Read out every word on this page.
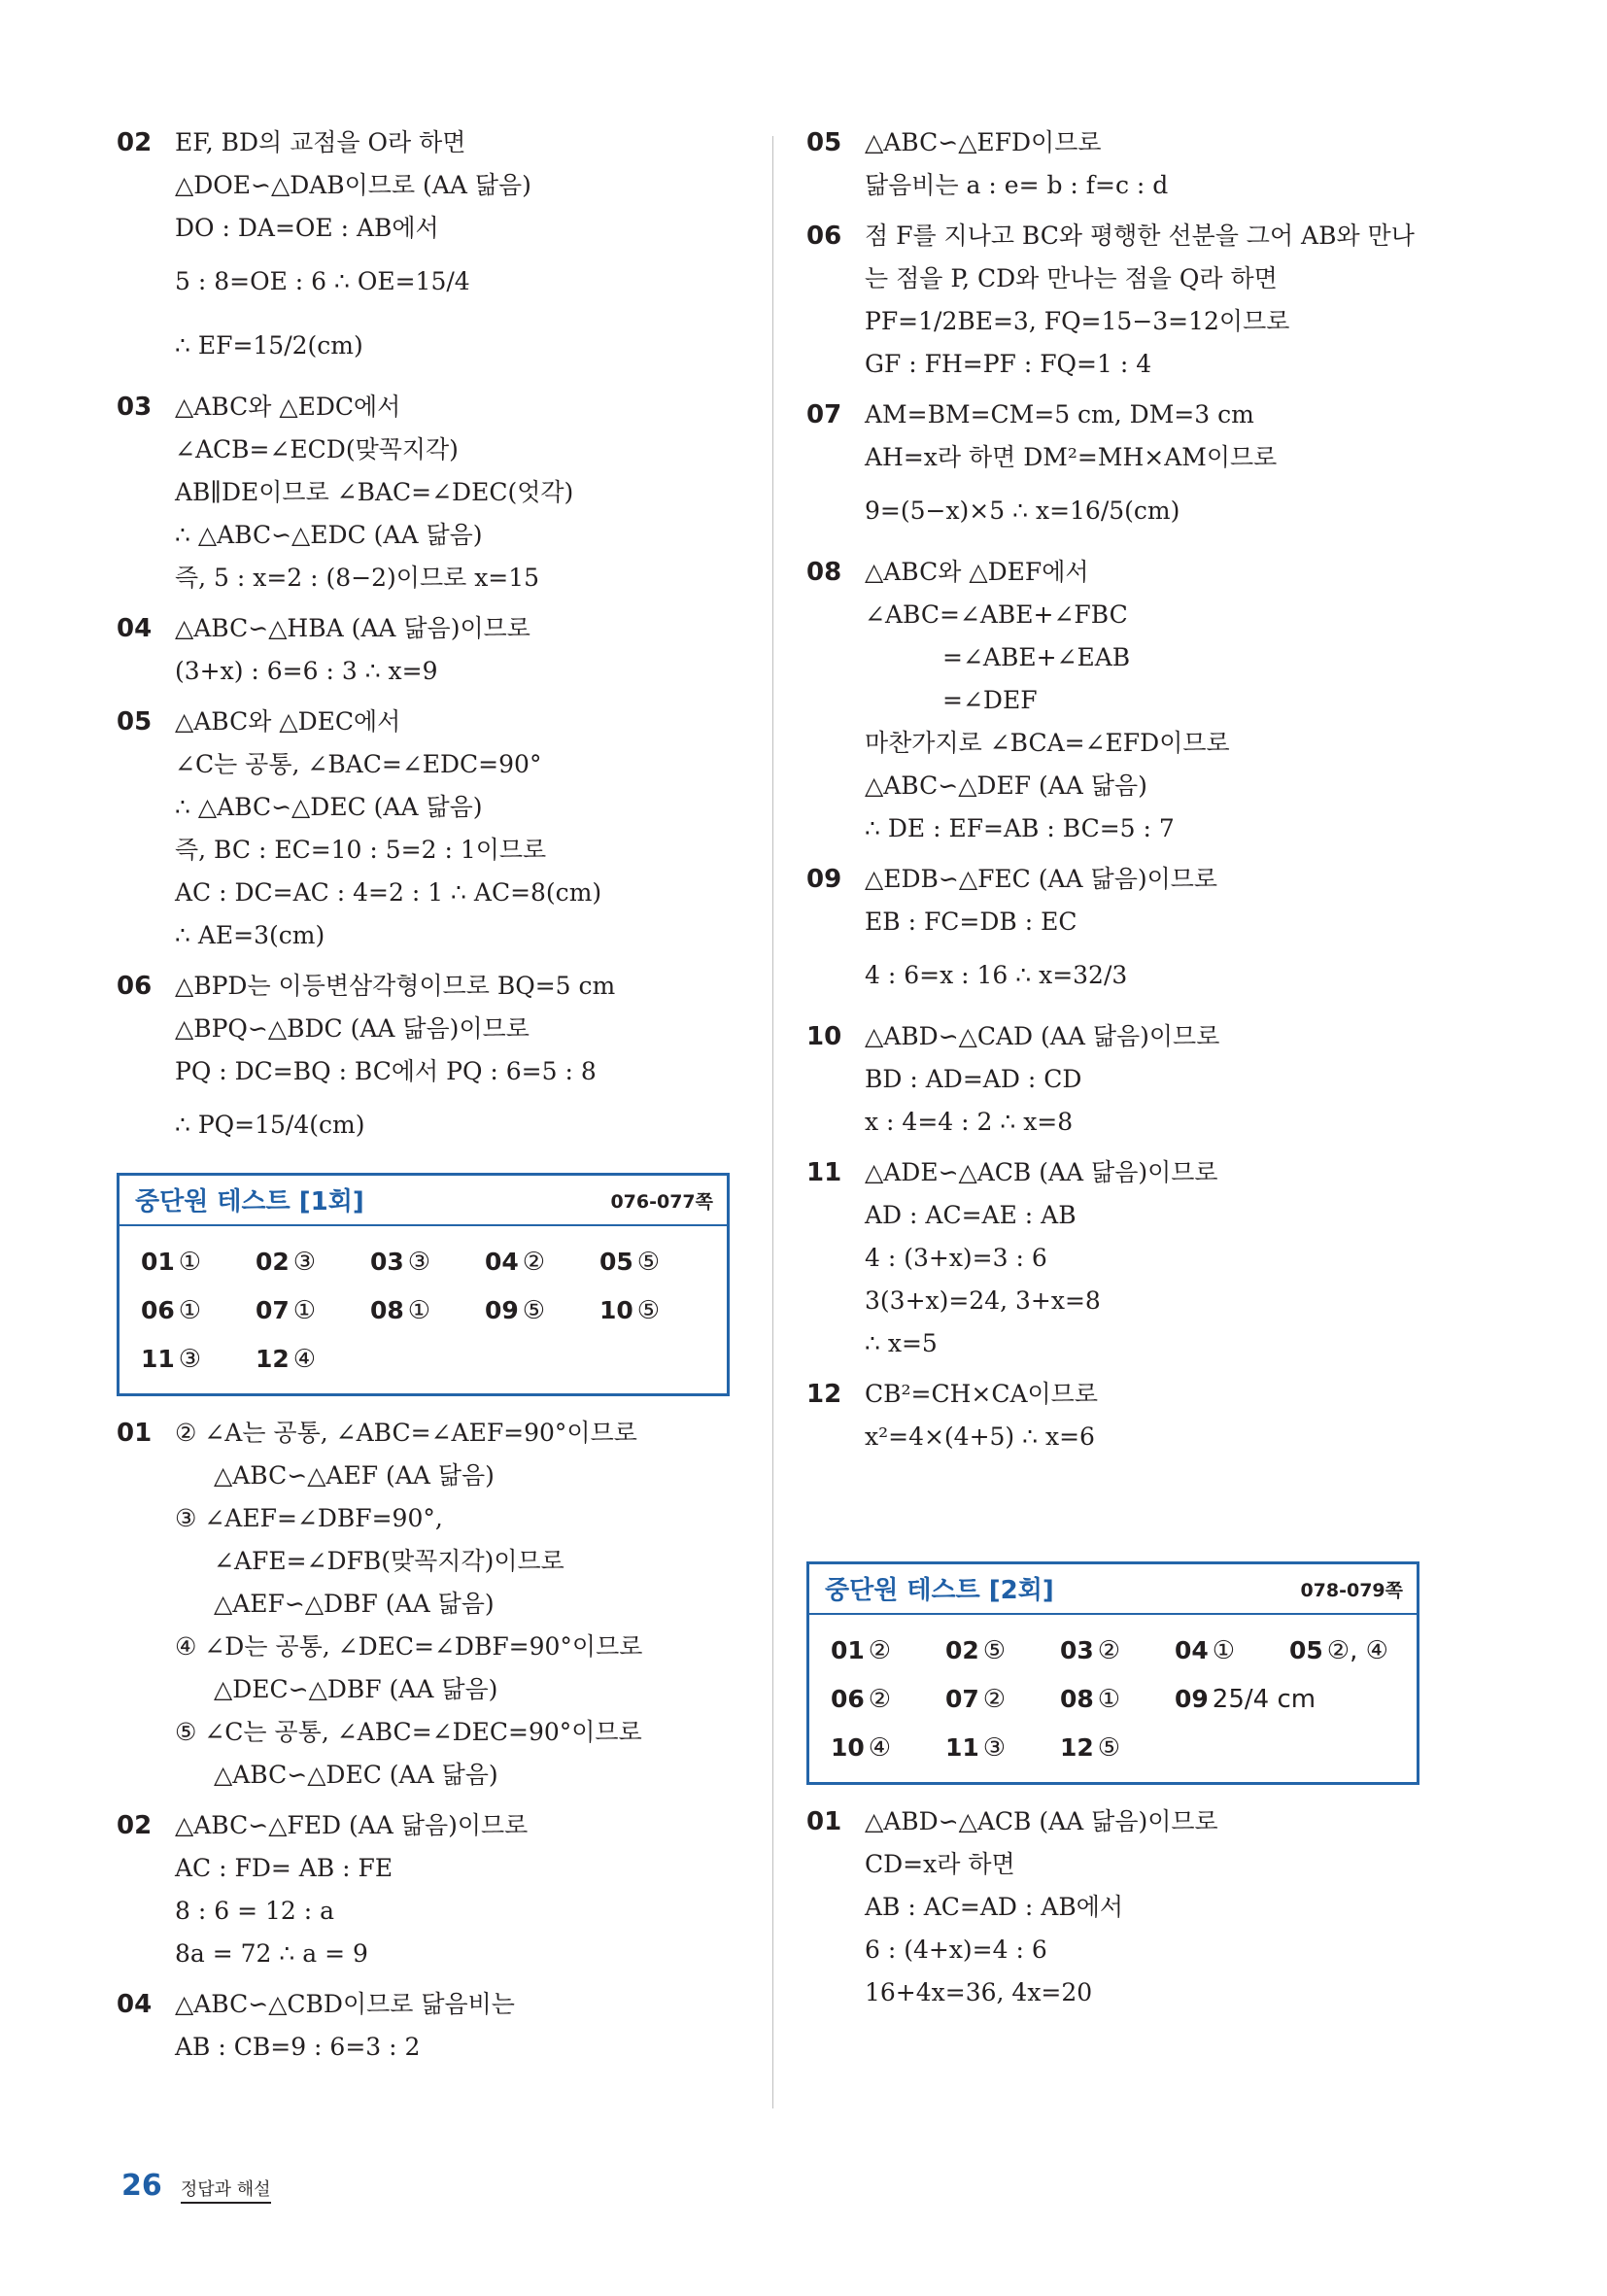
02 EF, BD의 교점을 O라 하면
△DOE∽△DAB이므로 (AA 닮음)
DO : DA=OE : AB에서
5 : 8=OE : 6 ∴ OE=15/4
∴ EF=15/2(cm)
03 △ABC와 △EDC에서
∠ACB=∠ECD(맞꼭지각)
AB∥DE이므로 ∠BAC=∠DEC(엇각)
∴ △ABC∽△EDC (AA 닮음)
즉, 5 : x=2 : (8−2)이므로 x=15
04 △ABC∽△HBA (AA 닮음)이므로
(3+x) : 6=6 : 3 ∴ x=9
05 △ABC와 △DEC에서
∠C는 공통, ∠BAC=∠EDC=90°
∴ △ABC∽△DEC (AA 닮음)
즉, BC : EC=10 : 5=2 : 1이므로
AC : DC=AC : 4=2 : 1 ∴ AC=8(cm)
∴ AE=3(cm)
06 △BPD는 이등변삼각형이므로 BQ=5 cm
△BPQ∽△BDC (AA 닮음)이므로
PQ : DC=BQ : BC에서 PQ : 6=5 : 8
∴ PQ=15/4(cm)
중단원 테스트 [1회]	076-077쪽
01 ①	02 ③	03 ③	04 ②	05 ⑤
06 ①	07 ①	08 ①	09 ⑤	10 ⑤
11 ③	12 ④
01 ② ∠A는 공통, ∠ABC=∠AEF=90°이므로
△ABC∽△AEF (AA 닮음)
③ ∠AEF=∠DBF=90°,
∠AFE=∠DFB(맞꼭지각)이므로
△AEF∽△DBF (AA 닮음)
④ ∠D는 공통, ∠DEC=∠DBF=90°이므로
△DEC∽△DBF (AA 닮음)
⑤ ∠C는 공통, ∠ABC=∠DEC=90°이므로
△ABC∽△DEC (AA 닮음)
02 △ABC∽△FED (AA 닮음)이므로
AC : FD= AB : FE
8 : 6 = 12 : a
8a = 72 ∴ a = 9
04 △ABC∽△CBD이므로 닮음비는
AB : CB=9 : 6=3 : 2
05 △ABC∽△EFD이므로
닮음비는 a : e= b : f=c : d
06 점 F를 지나고 BC와 평행한 선분을 그어 AB와 만나
는 점을 P, CD와 만나는 점을 Q라 하면
PF=1/2BE=3, FQ=15−3=12이므로
GF : FH=PF : FQ=1 : 4
07 AM=BM=CM=5 cm, DM=3 cm
AH=x라 하면 DM²=MH×AM이므로
9=(5−x)×5 ∴ x=16/5(cm)
08 △ABC와 △DEF에서
∠ABC=∠ABE+∠FBC
=∠ABE+∠EAB
=∠DEF
마찬가지로 ∠BCA=∠EFD이므로
△ABC∽△DEF (AA 닮음)
∴ DE : EF=AB : BC=5 : 7
09 △EDB∽△FEC (AA 닮음)이므로
EB : FC=DB : EC
4 : 6=x : 16 ∴ x=32/3
10 △ABD∽△CAD (AA 닮음)이므로
BD : AD=AD : CD
x : 4=4 : 2 ∴ x=8
11 △ADE∽△ACB (AA 닮음)이므로
AD : AC=AE : AB
4 : (3+x)=3 : 6
3(3+x)=24, 3+x=8
∴ x=5
12 CB²=CH×CA이므로
x²=4×(4+5) ∴ x=6
중단원 테스트 [2회]	078-079쪽
01 ②	02 ⑤	03 ②	04 ①	05 ②, ④
06 ②	07 ②	08 ①	09 25/4 cm
10 ④	11 ③	12 ⑤
01 △ABD∽△ACB (AA 닮음)이므로
CD=x라 하면
AB : AC=AD : AB에서
6 : (4+x)=4 : 6
16+4x=36, 4x=20
26 정답과 해설
